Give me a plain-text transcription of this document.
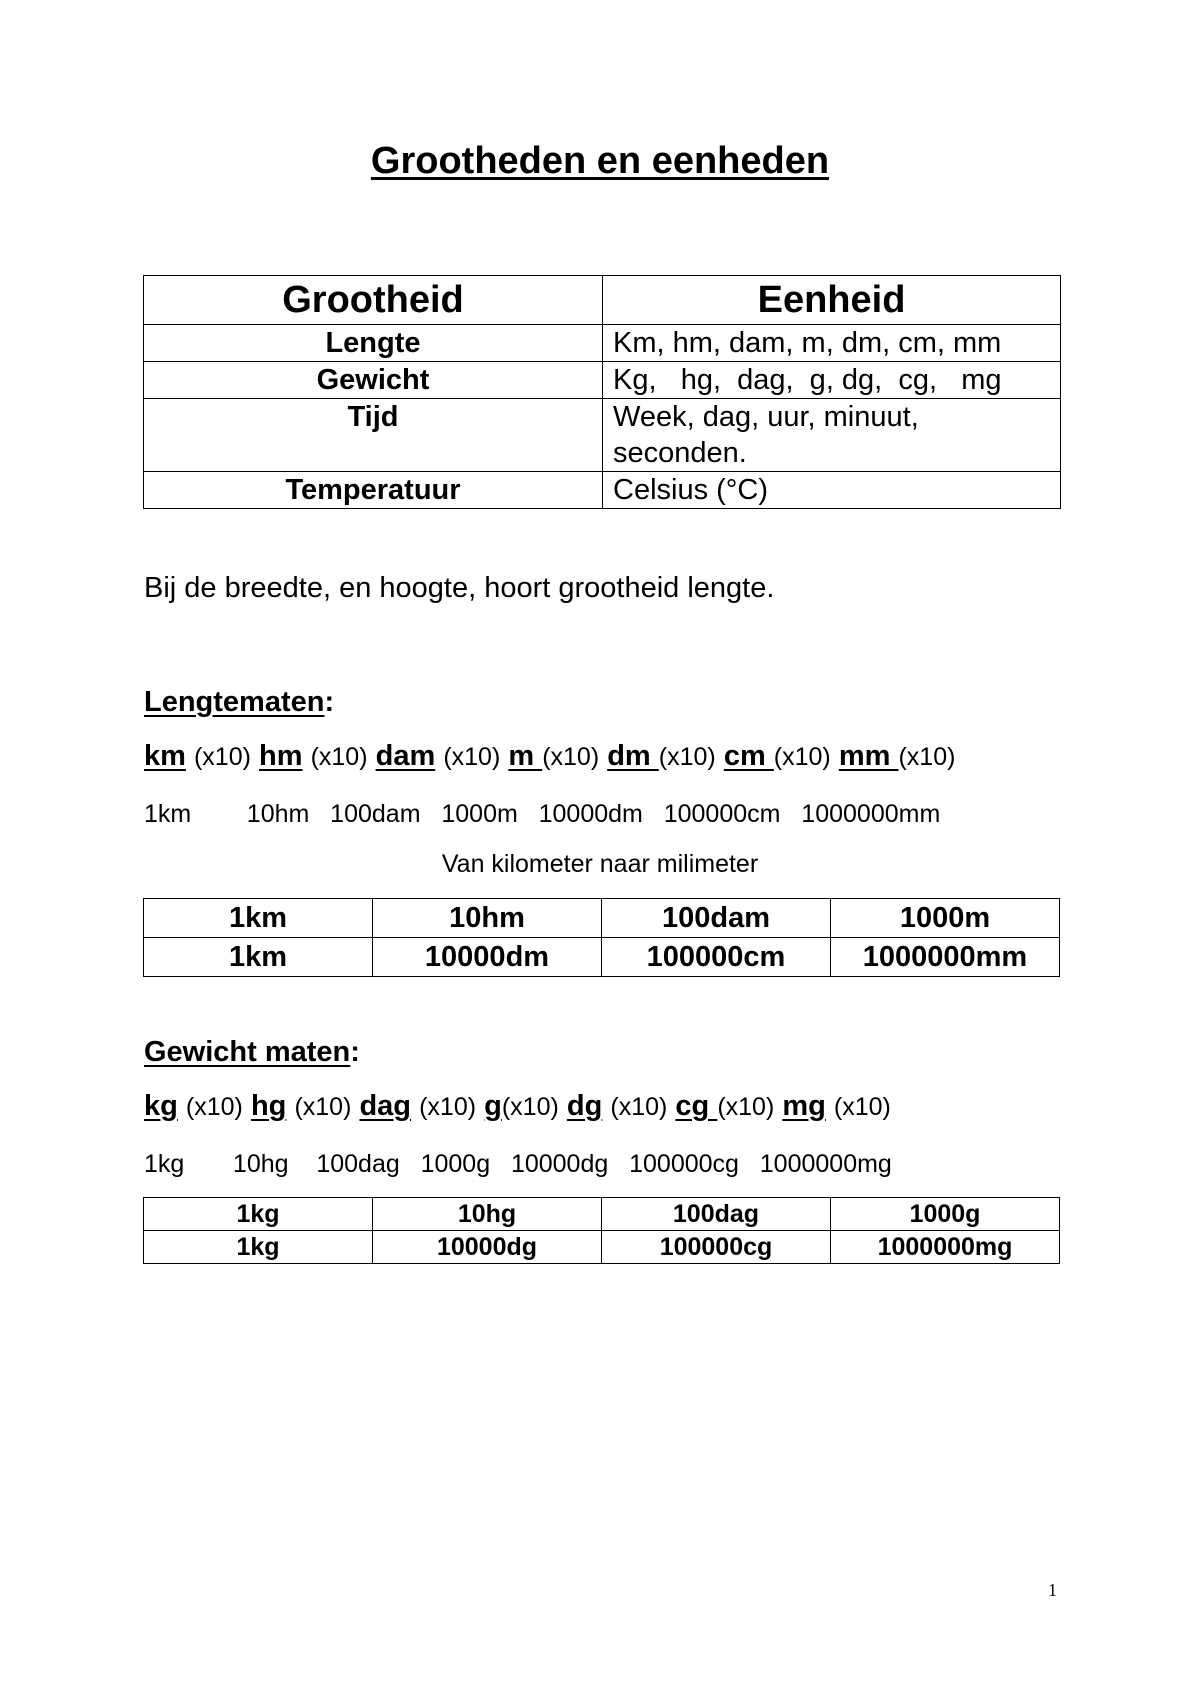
Grootheden en eenheden
Grootheid	Eenheid
Lengte	Km, hm, dam, m, dm, cm, mm
Gewicht	Kg,   hg,  dag,  g, dg,  cg,   mg
Tijd	Week, dag, uur, minuut, seconden.
Temperatuur	Celsius (°C)
Bij de breedte, en hoogte, hoort grootheid lengte.
Lengtematen:
km (x10) hm (x10) dam (x10) m (x10) dm (x10) cm (x10) mm (x10)
1km        10hm   100dam   1000m   10000dm   100000cm   1000000mm
Van kilometer naar milimeter
1km	10hm	100dam	1000m
1km	10000dm	100000cm	1000000mm
Gewicht maten:
kg (x10) hg (x10) dag (x10) g(x10) dg (x10) cg (x10) mg (x10)
1kg       10hg    100dag   1000g   10000dg   100000cg   1000000mg
1kg	10hg	100dag	1000g
1kg	10000dg	100000cg	1000000mg
1
